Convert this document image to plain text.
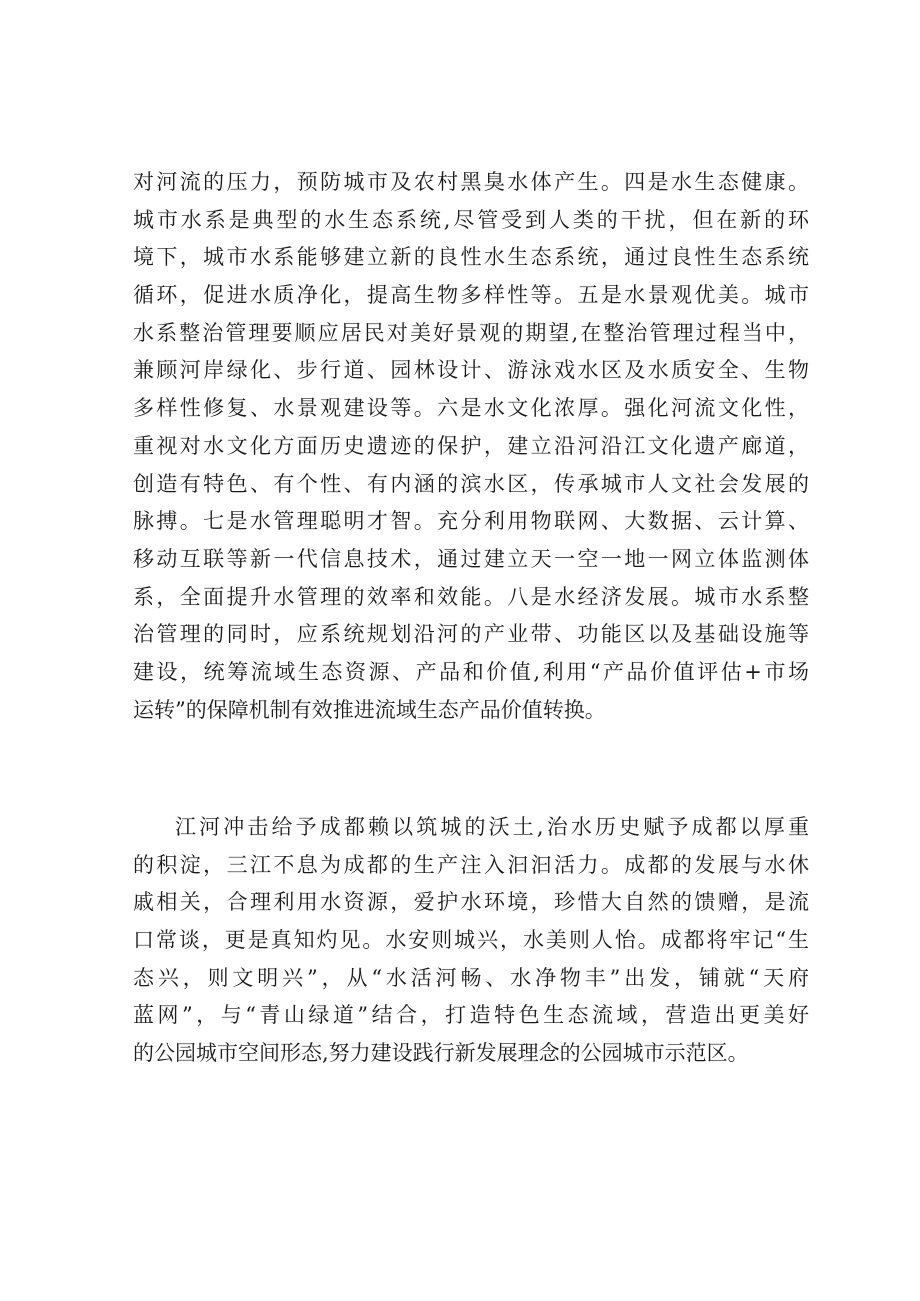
对河流的压力，预防城市及农村黑臭水体产生。四是水生态健康。
城市水系是典型的水生态系统,尽管受到人类的干扰，但在新的环
境下，城市水系能够建立新的良性水生态系统，通过良性生态系统
循环，促进水质净化，提高生物多样性等。五是水景观优美。城市
水系整治管理要顺应居民对美好景观的期望,在整治管理过程当中，
兼顾河岸绿化、步行道、园林设计、游泳戏水区及水质安全、生物
多样性修复、水景观建设等。六是水文化浓厚。强化河流文化性，
重视对水文化方面历史遗迹的保护，建立沿河沿江文化遗产廊道，
创造有特色、有个性、有内涵的滨水区，传承城市人文社会发展的
脉搏。七是水管理聪明才智。充分利用物联网、大数据、云计算、
移动互联等新一代信息技术，通过建立天一空一地一网立体监测体
系，全面提升水管理的效率和效能。八是水经济发展。城市水系整
治管理的同时，应系统规划沿河的产业带、功能区以及基础设施等
建设，统筹流域生态资源、产品和价值,利用“产品价值评估+市场
运转”的保障机制有效推进流域生态产品价值转换。
江河冲击给予成都赖以筑城的沃土,治水历史赋予成都以厚重
的积淀，三江不息为成都的生产注入汩汩活力。成都的发展与水休
戚相关，合理利用水资源，爱护水环境，珍惜大自然的馈赠，是流
口常谈，更是真知灼见。水安则城兴，水美则人怡。成都将牢记“生
态兴，则文明兴”，从“水活河畅、水净物丰”出发，铺就“天府
蓝网”，与“青山绿道”结合，打造特色生态流域，营造出更美好
的公园城市空间形态,努力建设践行新发展理念的公园城市示范区。
